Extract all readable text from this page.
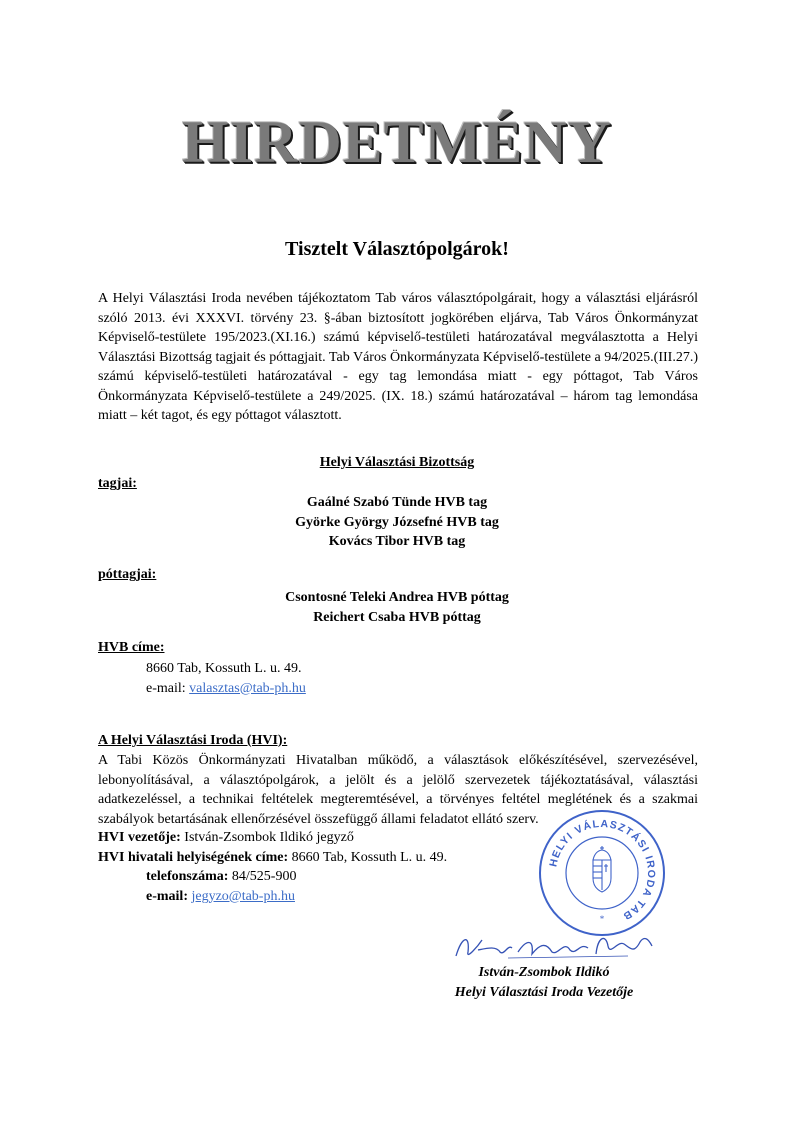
HIRDETMÉNY
Tisztelt Választópolgárok!
A Helyi Választási Iroda nevében tájékoztatom Tab város választópolgárait, hogy a választási eljárásról szóló 2013. évi XXXVI. törvény 23. §-ában biztosított jogkörében eljárva, Tab Város Önkormányzat Képviselő-testülete 195/2023.(XI.16.) számú képviselő-testületi határozatával megválasztotta a Helyi Választási Bizottság tagjait és póttagjait. Tab Város Önkormányzata Képviselő-testülete a 94/2025.(III.27.) számú képviselő-testületi határozatával - egy tag lemondása miatt - egy póttagot, Tab Város Önkormányzata Képviselő-testülete a 249/2025. (IX. 18.) számú határozatával – három tag lemondása miatt – két tagot, és egy póttagot választott.
Helyi Választási Bizottság
tagjai:
Gaálné Szabó Tünde HVB tag
Györke György Józsefné HVB tag
Kovács Tibor HVB tag
póttagjai:
Csontosné Teleki Andrea HVB póttag
Reichert Csaba HVB póttag
HVB címe:
8660 Tab, Kossuth L. u. 49.
e-mail: valasztas@tab-ph.hu
A Helyi Választási Iroda (HVI):
A Tabi Közös Önkormányzati Hivatalban működő, a választások előkészítésével, szervezésével, lebonyolításával, a választópolgárok, a jelölt és a jelölő szervezetek tájékoztatásával, választási adatkezeléssel, a technikai feltételek megteremtésével, a törvényes feltétel meglétének és a szakmai szabályok betartásának ellenőrzésével összefüggő állami feladatot ellátó szerv.
HVI vezetője: István-Zsombok Ildikó jegyző
HVI hivatali helyiségének címe: 8660 Tab, Kossuth L. u. 49.
telefonszáma: 84/525-900
e-mail: jegyzo@tab-ph.hu
HELYI VÁLASZTÁSI IRODA TAB
*
István-Zsombok Ildikó
Helyi Választási Iroda Vezetője
